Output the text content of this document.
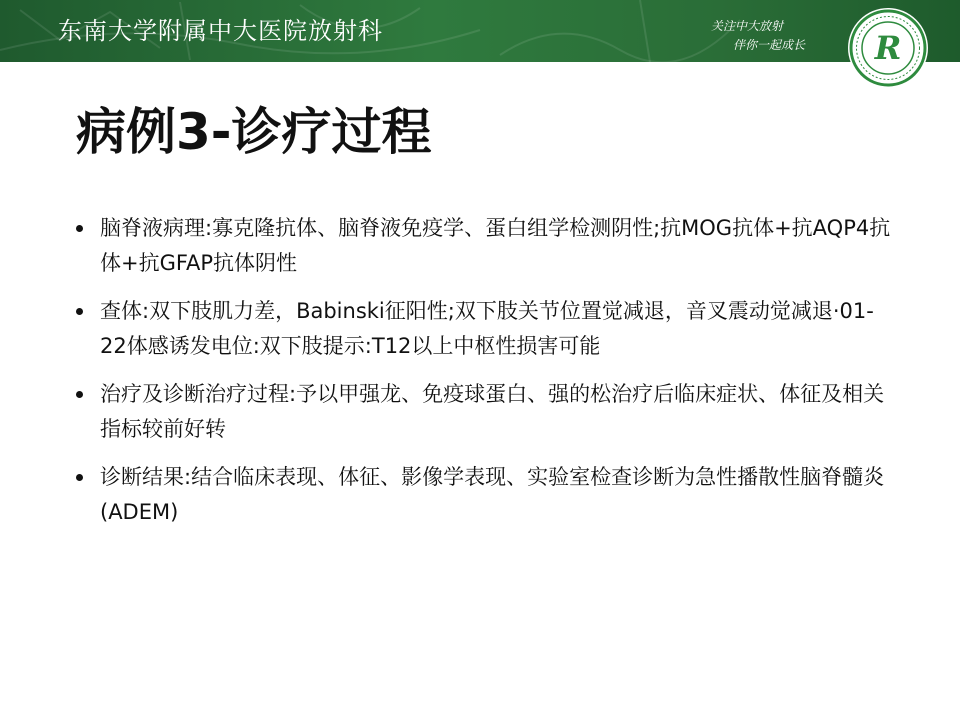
东南大学附属中大医院放射科	关注中大放射
伴你一起成长 R
病例3-诊疗过程
脑脊液病理:寡克隆抗体、脑脊液免疫学、蛋白组学检测阴性;抗MOG抗体+抗AQP4抗体+抗GFAP抗体阴性
查体:双下肢肌力差，Babinski征阳性;双下肢关节位置觉减退，音叉震动觉减退·01-22体感诱发电位:双下肢提示:T12以上中枢性损害可能
治疗及诊断治疗过程:予以甲强龙、免疫球蛋白、强的松治疗后临床症状、体征及相关指标较前好转
诊断结果:结合临床表现、体征、影像学表现、实验室检查诊断为急性播散性脑脊髓炎(ADEM)
